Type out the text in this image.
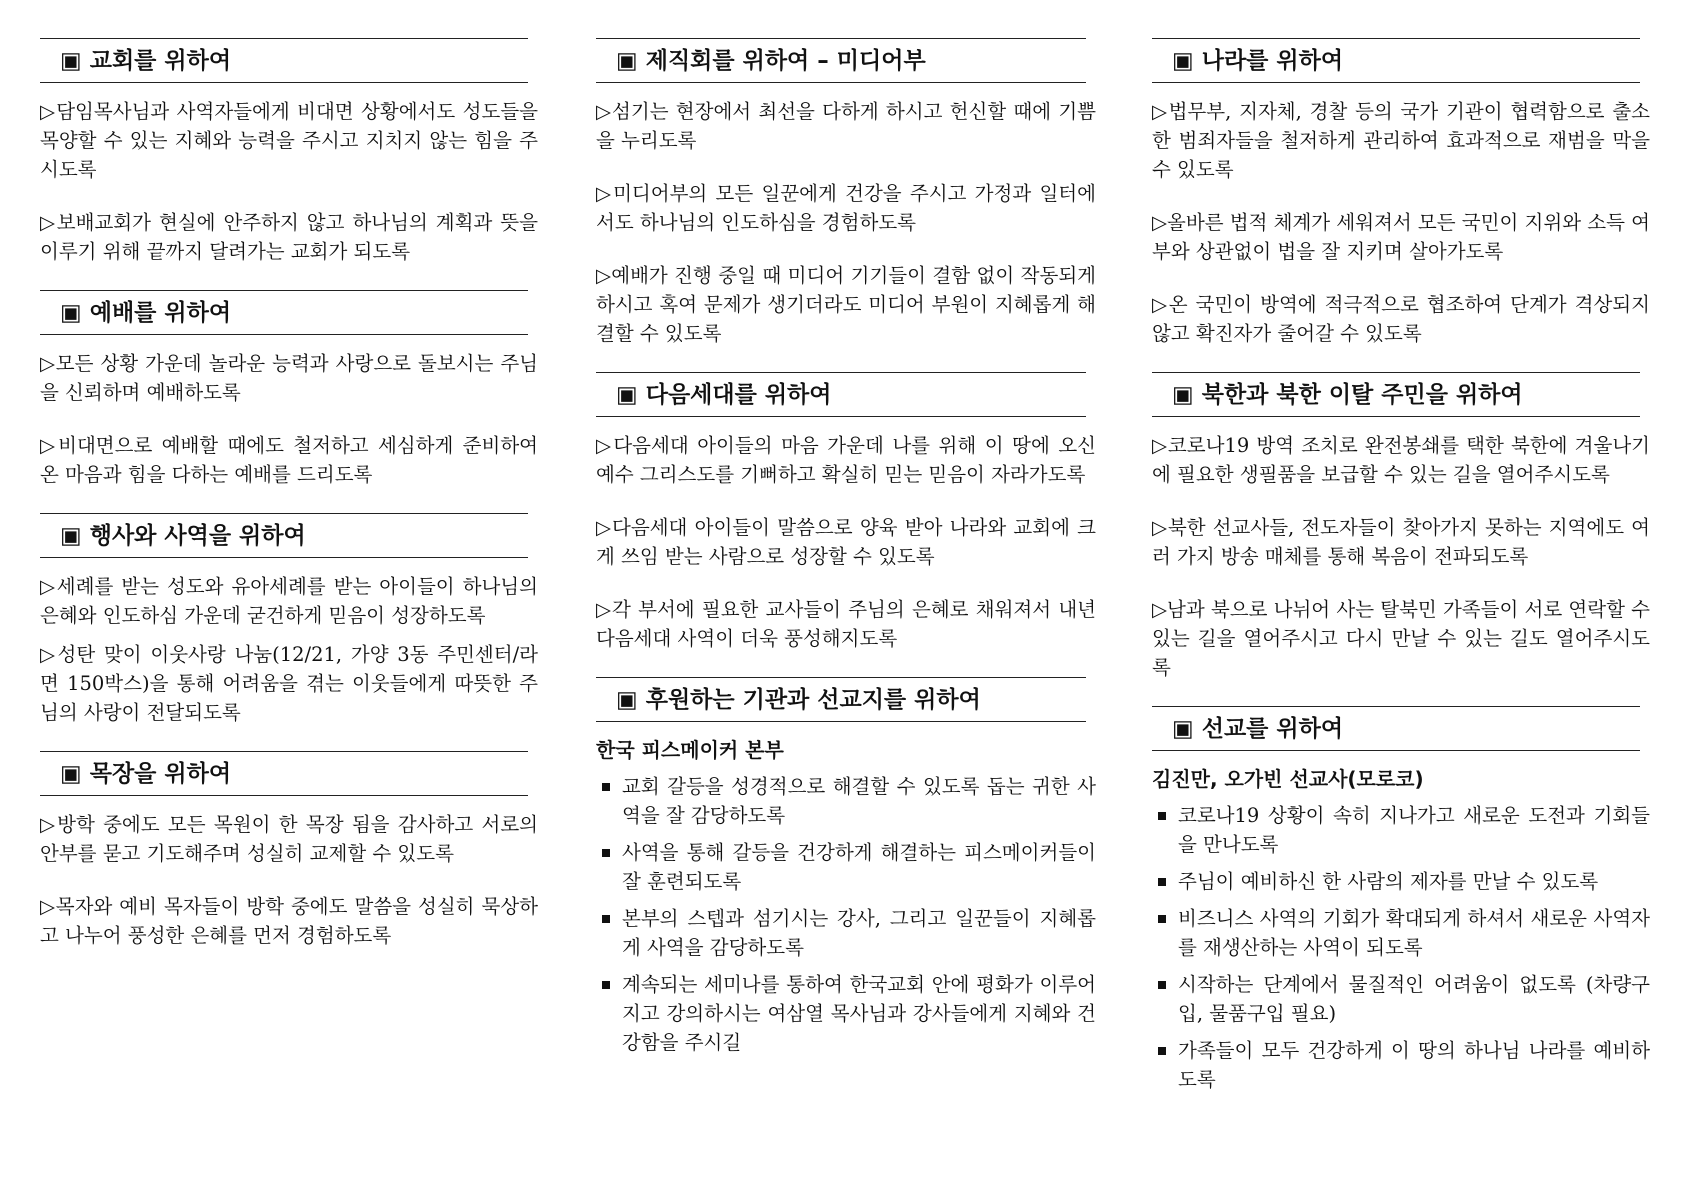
▣ 교회를 위하여

▷담임목사님과 사역자들에게 비대면 상황에서도 성도들을 목양할 수 있는 지혜와 능력을 주시고 지치지 않는 힘을 주시도록

▷보배교회가 현실에 안주하지 않고 하나님의 계획과 뜻을 이루기 위해 끝까지 달려가는 교회가 되도록

▣ 예배를 위하여

▷모든 상황 가운데 놀라운 능력과 사랑으로 돌보시는 주님을 신뢰하며 예배하도록

▷비대면으로 예배할 때에도 철저하고 세심하게 준비하여 온 마음과 힘을 다하는 예배를 드리도록

▣ 행사와 사역을 위하여

▷세례를 받는 성도와 유아세례를 받는 아이들이 하나님의 은혜와 인도하심 가운데 굳건하게 믿음이 성장하도록

▷성탄 맞이 이웃사랑 나눔(12/21, 가양 3동 주민센터/라면 150박스)을 통해 어려움을 겪는 이웃들에게 따뜻한 주님의 사랑이 전달되도록

▣ 목장을 위하여

▷방학 중에도 모든 목원이 한 목장 됨을 감사하고 서로의 안부를 묻고 기도해주며 성실히 교제할 수 있도록

▷목자와 예비 목자들이 방학 중에도 말씀을 성실히 묵상하고 나누어 풍성한 은혜를 먼저 경험하도록

▣ 제직회를 위하여 – 미디어부

▷섬기는 현장에서 최선을 다하게 하시고 헌신할 때에 기쁨을 누리도록

▷미디어부의 모든 일꾼에게 건강을 주시고 가정과 일터에서도 하나님의 인도하심을 경험하도록

▷예배가 진행 중일 때 미디어 기기들이 결함 없이 작동되게 하시고 혹여 문제가 생기더라도 미디어 부원이 지혜롭게 해결할 수 있도록

▣ 다음세대를 위하여

▷다음세대 아이들의 마음 가운데 나를 위해 이 땅에 오신 예수 그리스도를 기뻐하고 확실히 믿는 믿음이 자라가도록

▷다음세대 아이들이 말씀으로 양육 받아 나라와 교회에 크게 쓰임 받는 사람으로 성장할 수 있도록

▷각 부서에 필요한 교사들이 주님의 은혜로 채워져서 내년 다음세대 사역이 더욱 풍성해지도록

▣ 후원하는 기관과 선교지를 위하여
한국 피스메이커 본부
교회 갈등을 성경적으로 해결할 수 있도록 돕는 귀한 사역을 잘 감당하도록
사역을 통해 갈등을 건강하게 해결하는 피스메이커들이 잘 훈련되도록
본부의 스텝과 섬기시는 강사, 그리고 일꾼들이 지혜롭게 사역을 감당하도록
계속되는 세미나를 통하여 한국교회 안에 평화가 이루어지고 강의하시는 여삼열 목사님과 강사들에게 지혜와 건강함을 주시길
▣ 나라를 위하여

▷법무부, 지자체, 경찰 등의 국가 기관이 협력함으로 출소한 범죄자들을 철저하게 관리하여 효과적으로 재범을 막을 수 있도록

▷올바른 법적 체계가 세워져서 모든 국민이 지위와 소득 여부와 상관없이 법을 잘 지키며 살아가도록

▷온 국민이 방역에 적극적으로 협조하여 단계가 격상되지 않고 확진자가 줄어갈 수 있도록

▣ 북한과 북한 이탈 주민을 위하여

▷코로나19 방역 조치로 완전봉쇄를 택한 북한에 겨울나기에 필요한 생필품을 보급할 수 있는 길을 열어주시도록

▷북한 선교사들, 전도자들이 찾아가지 못하는 지역에도 여러 가지 방송 매체를 통해 복음이 전파되도록

▷남과 북으로 나뉘어 사는 탈북민 가족들이 서로 연락할 수 있는 길을 열어주시고 다시 만날 수 있는 길도 열어주시도록

▣ 선교를 위하여
김진만, 오가빈 선교사(모로코)
코로나19 상황이 속히 지나가고 새로운 도전과 기회들을 만나도록
주님이 예비하신 한 사람의 제자를 만날 수 있도록
비즈니스 사역의 기회가 확대되게 하셔서 새로운 사역자를 재생산하는 사역이 되도록
시작하는 단계에서 물질적인 어려움이 없도록 (차량구입, 물품구입 필요)
가족들이 모두 건강하게 이 땅의 하나님 나라를 예비하도록
